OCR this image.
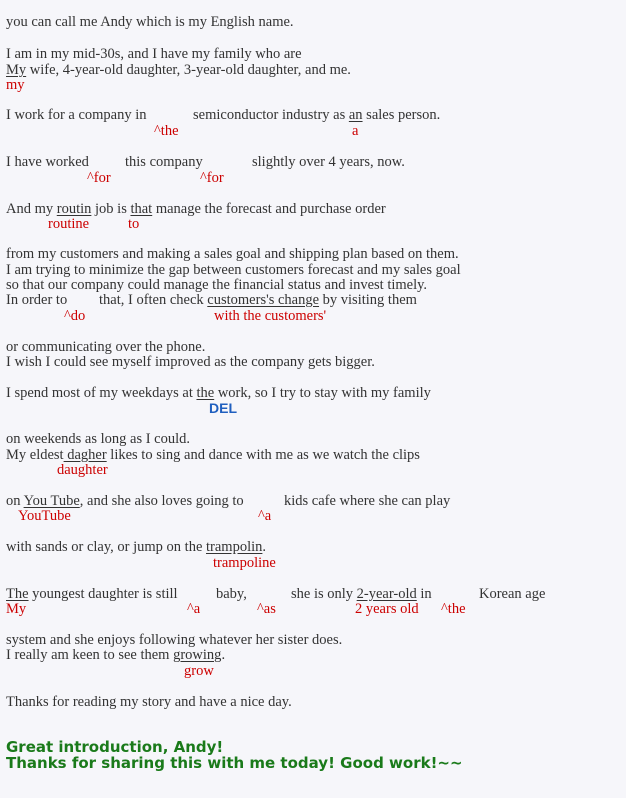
you can call me Andy which is my English name.
I am in my mid-30s, and I have my family who are
My wife, 4-year-old daughter, 3-year-old daughter, and me.
my
I work for a company in	semiconductor industry as an sales person.
^the	a
I have worked this company	slightly over 4 years, now.
^for	^for
And my routin job is that manage the forecast and purchase order
routine	to
from my customers and making a sales goal and shipping plan based on them.
I am trying to minimize the gap between customers forecast and my sales goal
so that our company could manage the financial status and invest timely.
In order to that, I often check customers's change by visiting them
^do	with the customers'
or communicating over the phone.
I wish I could see myself improved as the company gets bigger.
I spend most of my weekdays at the work, so I try to stay with my family
DEL
on weekends as long as I could.
My eldest dagher likes to sing and dance with me as we watch the clips
daughter
on You Tube, and she also loves going to	kids cafe where she can play
YouTube	^a
with sands or clay, or jump on the trampolin.
trampoline
The youngest daughter is still	baby,	she is only 2-year-old in	Korean age
My	^a	^as	2 years old ^the
system and she enjoys following whatever her sister does.
I really am keen to see them growing.
grow
Thanks for reading my story and have a nice day.
Great introduction, Andy!
Thanks for sharing this with me today! Good work!~~
